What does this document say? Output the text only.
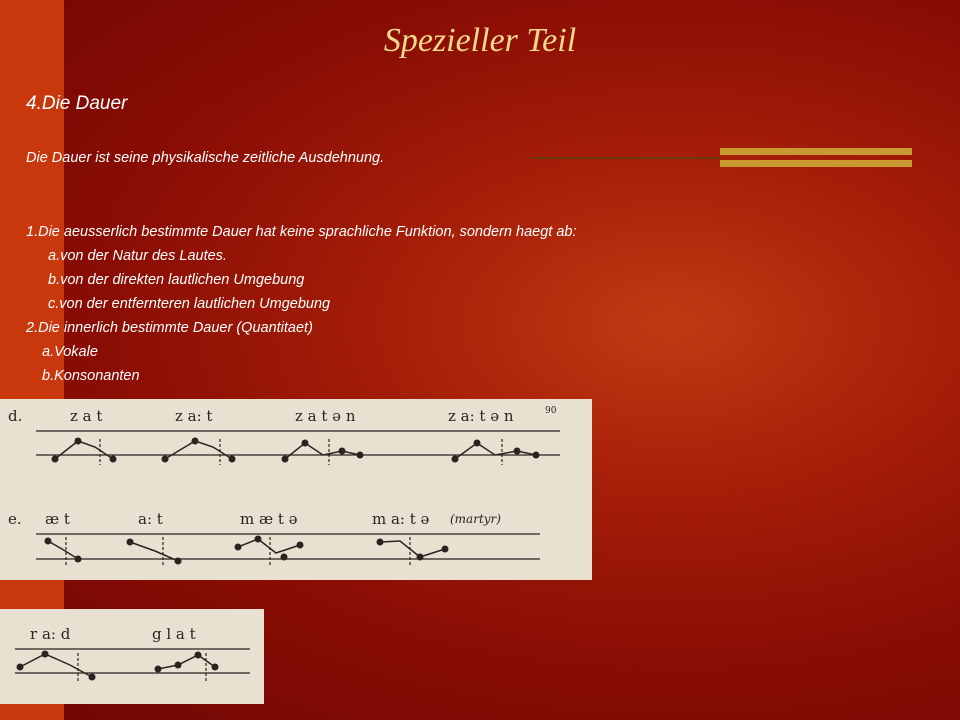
Spezieller Teil
4.Die Dauer
Die Dauer ist seine physikalische zeitliche Ausdehnung.
1.Die aeusserlich bestimmte Dauer hat keine sprachliche Funktion, sondern haegt ab:
a.von der Natur des Lautes.
b.von der direkten lautlichen Umgebung
c.von der entfernteren lautlichen Umgebung
2.Die innerlich bestimmte Dauer (Quantitaet)
a.Vokale
b.Konsonanten
d.	z a t	z a: t	z a t ə n	z a: t ə n	90
e. æ t	a: t	m æ t ə	m a: t ə (martyr)
r a: d	g l a t
